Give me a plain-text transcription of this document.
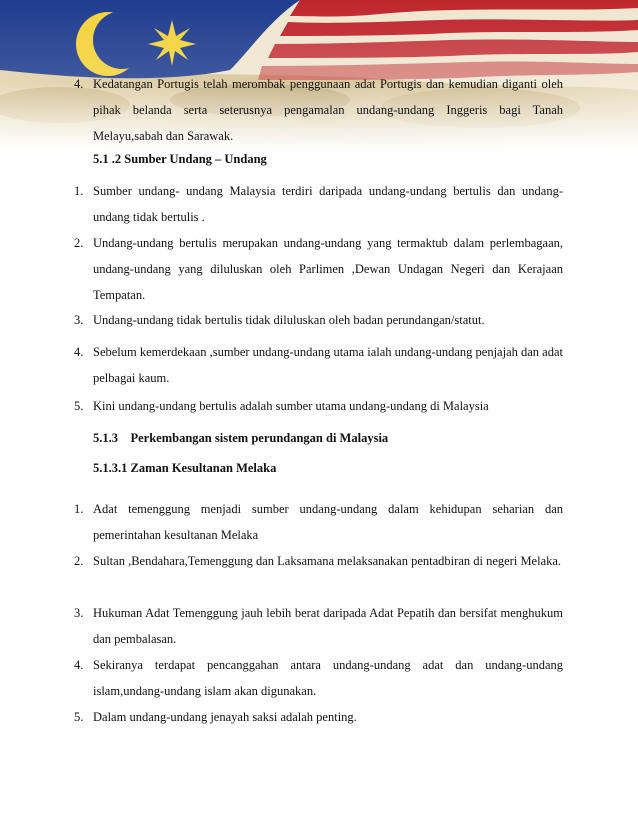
4. Kedatangan Portugis telah merombak penggunaan adat Portugis dan kemudian diganti oleh pihak belanda serta seterusnya pengamalan undang-undang Inggeris bagi Tanah Melayu,sabah dan Sarawak.
5.1 .2 Sumber Undang – Undang
1. Sumber undang- undang Malaysia terdiri daripada undang-undang bertulis dan undang-undang tidak bertulis .
2. Undang-undang bertulis merupakan undang-undang yang termaktub dalam perlembagaan, undang-undang yang diluluskan oleh Parlimen ,Dewan Undagan Negeri dan Kerajaan Tempatan.
3. Undang-undang tidak bertulis tidak diluluskan oleh badan perundangan/statut.
4. Sebelum kemerdekaan ,sumber undang-undang utama ialah undang-undang penjajah dan adat pelbagai kaum.
5. Kini undang-undang bertulis adalah sumber utama undang-undang di Malaysia
5.1.3    Perkembangan sistem perundangan di Malaysia
5.1.3.1 Zaman Kesultanan Melaka
1. Adat temenggung menjadi sumber undang-undang dalam kehidupan seharian dan pemerintahan kesultanan Melaka
2. Sultan ,Bendahara,Temenggung dan Laksamana melaksanakan pentadbiran di negeri Melaka.
3. Hukuman Adat Temenggung jauh lebih berat daripada Adat Pepatih dan bersifat menghukum dan pembalasan.
4. Sekiranya terdapat pencanggahan antara undang-undang adat dan undang-undang islam,undang-undang islam akan digunakan.
5. Dalam undang-undang jenayah saksi adalah penting.
